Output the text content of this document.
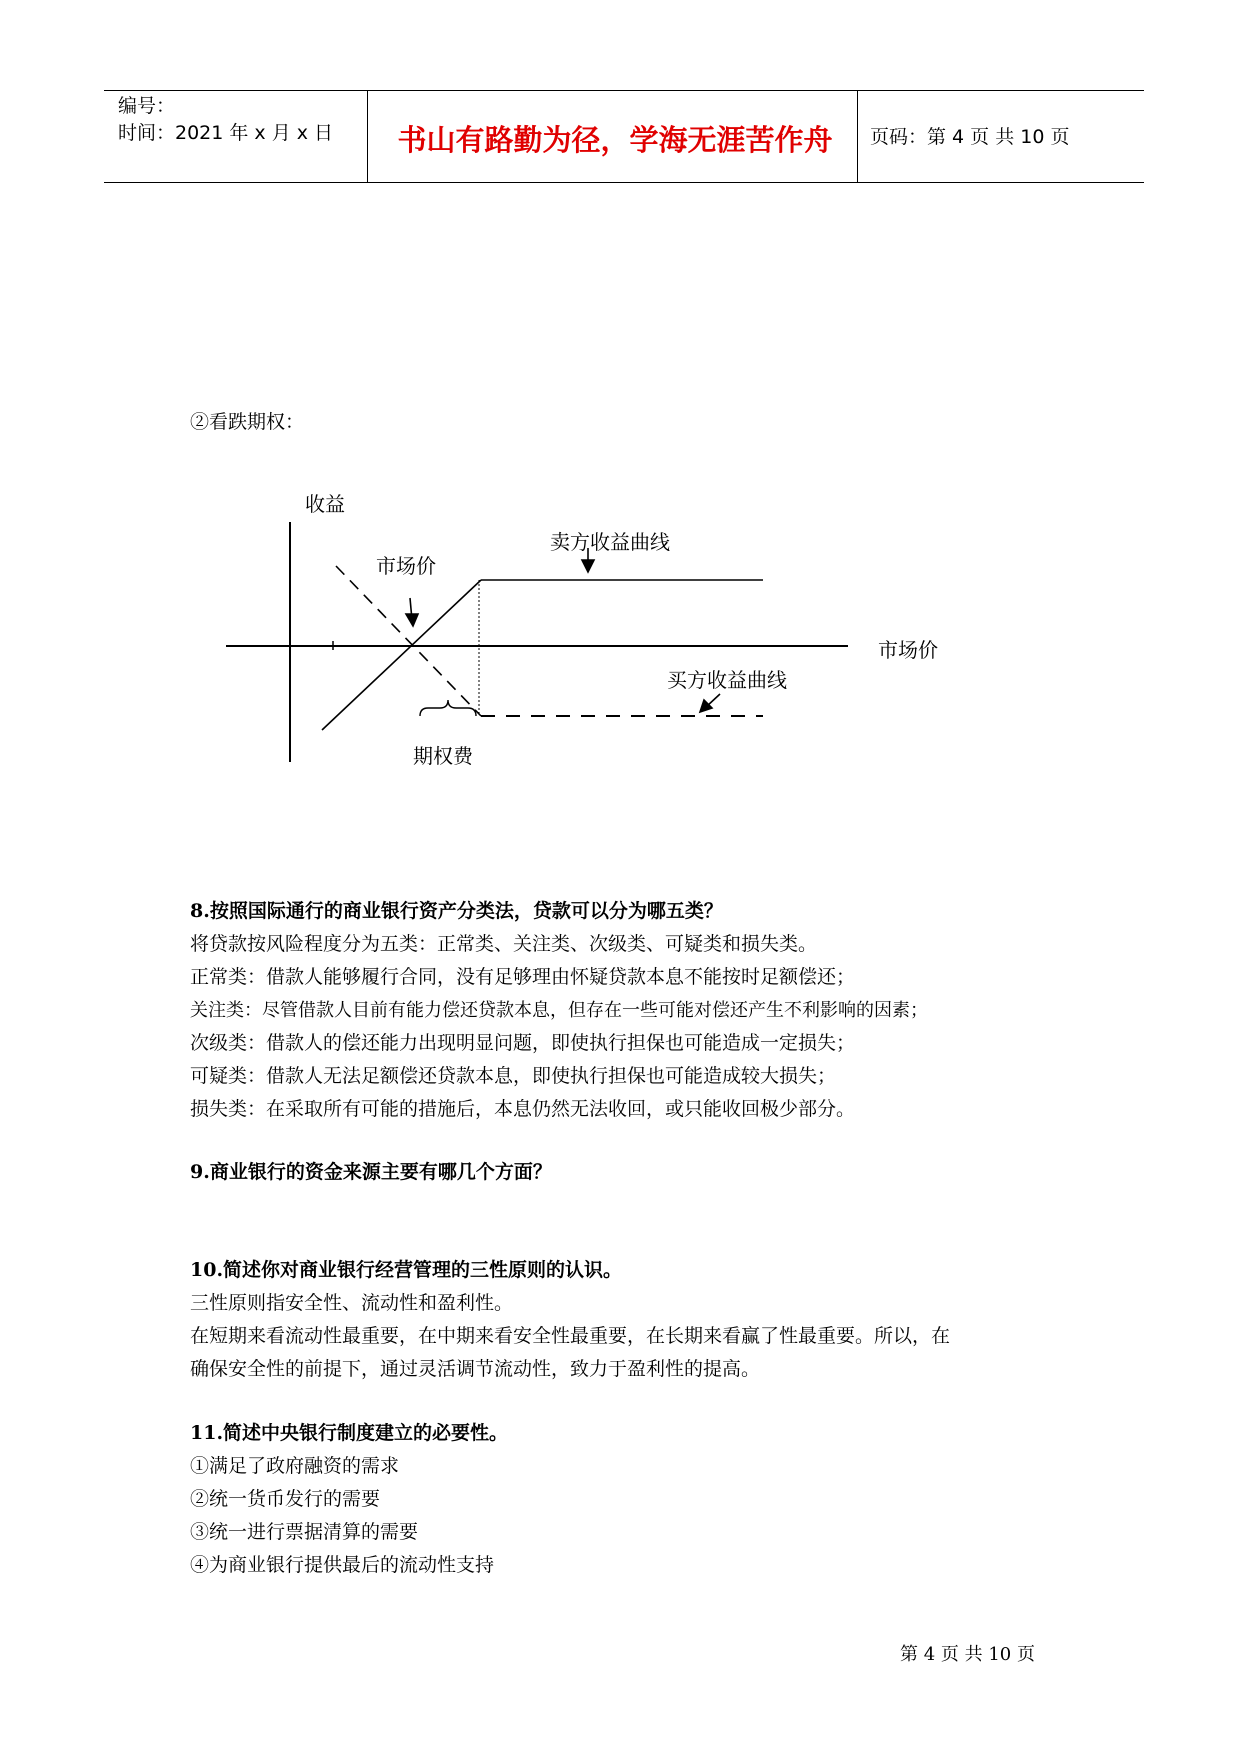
编号：
时间：2021 年 x 月 x 日	书山有路勤为径，学海无涯苦作舟	页码：第 4 页 共 10 页
②看跌期权：
收益
市场价
卖方收益曲线
市场价
买方收益曲线
期权费
8.按照国际通行的商业银行资产分类法，贷款可以分为哪五类？
将贷款按风险程度分为五类：正常类、关注类、次级类、可疑类和损失类。
正常类：借款人能够履行合同，没有足够理由怀疑贷款本息不能按时足额偿还；
关注类：尽管借款人目前有能力偿还贷款本息，但存在一些可能对偿还产生不利影响的因素；
次级类：借款人的偿还能力出现明显问题，即使执行担保也可能造成一定损失；
可疑类：借款人无法足额偿还贷款本息，即使执行担保也可能造成较大损失；
损失类：在采取所有可能的措施后，本息仍然无法收回，或只能收回极少部分。
9.商业银行的资金来源主要有哪几个方面？
10.简述你对商业银行经营管理的三性原则的认识。
三性原则指安全性、流动性和盈利性。
在短期来看流动性最重要，在中期来看安全性最重要，在长期来看赢了性最重要。所以，在
确保安全性的前提下，通过灵活调节流动性，致力于盈利性的提高。
11.简述中央银行制度建立的必要性。
①满足了政府融资的需求
②统一货币发行的需要
③统一进行票据清算的需要
④为商业银行提供最后的流动性支持
第 4 页 共 10 页
